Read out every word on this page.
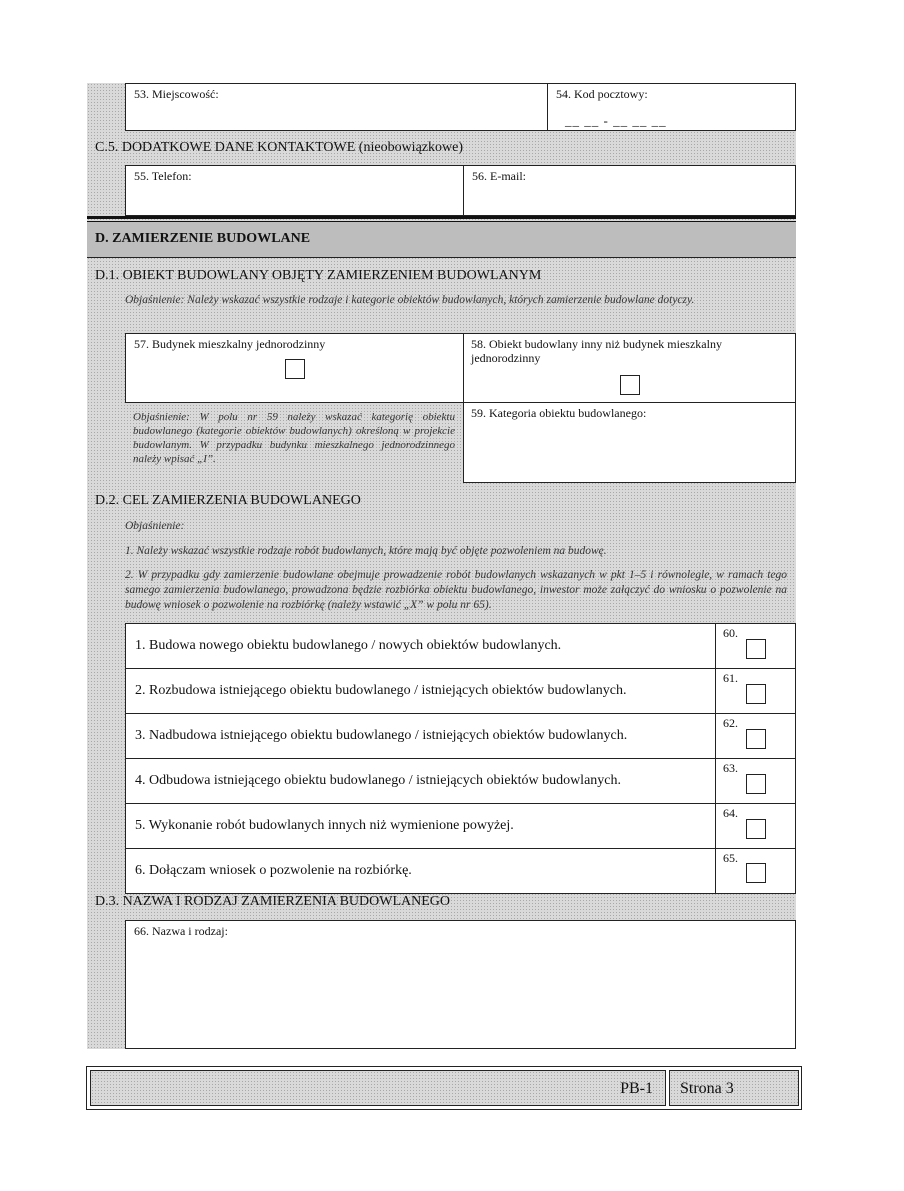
53. Miejscowość:	54. Kod pocztowy:
__ __ - __ __ __
C.5. DODATKOWE DANE KONTAKTOWE (nieobowiązkowe)
55. Telefon:	56. E-mail:
D. ZAMIERZENIE BUDOWLANE
D.1. OBIEKT BUDOWLANY OBJĘTY ZAMIERZENIEM BUDOWLANYM
Objaśnienie: Należy wskazać wszystkie rodzaje i kategorie obiektów budowlanych, których zamierzenie budowlane dotyczy.
57. Budynek mieszkalny jednorodzinny	58. Obiekt budowlany inny niż budynek mieszkalny jednorodzinny
Objaśnienie: W polu nr 59 należy wskazać kategorię obiektu budowlanego (kategorie obiektów budowlanych) określoną w projekcie budowlanym. W przypadku budynku mieszkalnego jednorodzinnego należy wpisać „I”.
59. Kategoria obiektu budowlanego:
D.2. CEL ZAMIERZENIA BUDOWLANEGO
Objaśnienie:
1. Należy wskazać wszystkie rodzaje robót budowlanych, które mają być objęte pozwoleniem na budowę.
2. W przypadku gdy zamierzenie budowlane obejmuje prowadzenie robót budowlanych wskazanych w pkt 1–5 i równolegle, w ramach tego samego zamierzenia budowlanego, prowadzona będzie rozbiórka obiektu budowlanego, inwestor może załączyć do wniosku o pozwolenie na budowę wniosek o pozwolenie na rozbiórkę (należy wstawić „X” w polu nr 65).
1. Budowa nowego obiektu budowlanego / nowych obiektów budowlanych.
60.
2. Rozbudowa istniejącego obiektu budowlanego / istniejących obiektów budowlanych.
61.
3. Nadbudowa istniejącego obiektu budowlanego / istniejących obiektów budowlanych.
62.
4. Odbudowa istniejącego obiektu budowlanego / istniejących obiektów budowlanych.
63.
5. Wykonanie robót budowlanych innych niż wymienione powyżej.
64.
6. Dołączam wniosek o pozwolenie na rozbiórkę.
65.
D.3. NAZWA I RODZAJ ZAMIERZENIA BUDOWLANEGO
66. Nazwa i rodzaj:
PB-1 Strona 3
